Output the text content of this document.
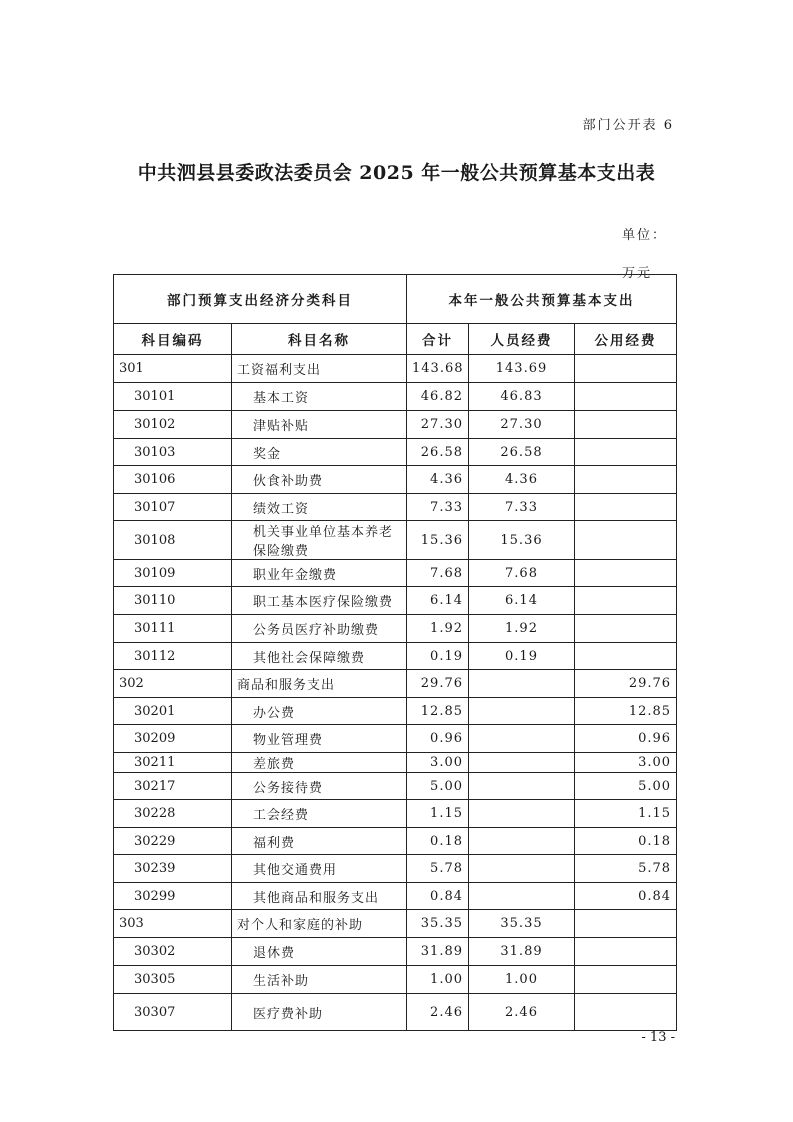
部门公开表 6
中共泗县县委政法委员会 2025 年一般公共预算基本支出表
单位：万元
部门预算支出经济分类科目		本年一般公共预算基本支出		
科目编码	科目名称	合计	人员经费	公用经费
301	工资福利支出	143.68	143.69	
30101	基本工资	46.82	46.83	
30102	津贴补贴	27.30	27.30	
30103	奖金	26.58	26.58	
30106	伙食补助费	4.36	4.36	
30107	绩效工资	7.33	7.33	
30108	机关事业单位基本养老保险缴费	15.36	15.36	
30109	职业年金缴费	7.68	7.68	
30110	职工基本医疗保险缴费	6.14	6.14	
30111	公务员医疗补助缴费	1.92	1.92	
30112	其他社会保障缴费	0.19	0.19	
302	商品和服务支出	29.76		29.76
30201	办公费	12.85		12.85
30209	物业管理费	0.96		0.96
30211	差旅费	3.00		3.00
30217	公务接待费	5.00		5.00
30228	工会经费	1.15		1.15
30229	福利费	0.18		0.18
30239	其他交通费用	5.78		5.78
30299	其他商品和服务支出	0.84		0.84
303	对个人和家庭的补助	35.35	35.35	
30302	退休费	31.89	31.89	
30305	生活补助	1.00	1.00	
30307	医疗费补助	2.46	2.46	
- 13 -
